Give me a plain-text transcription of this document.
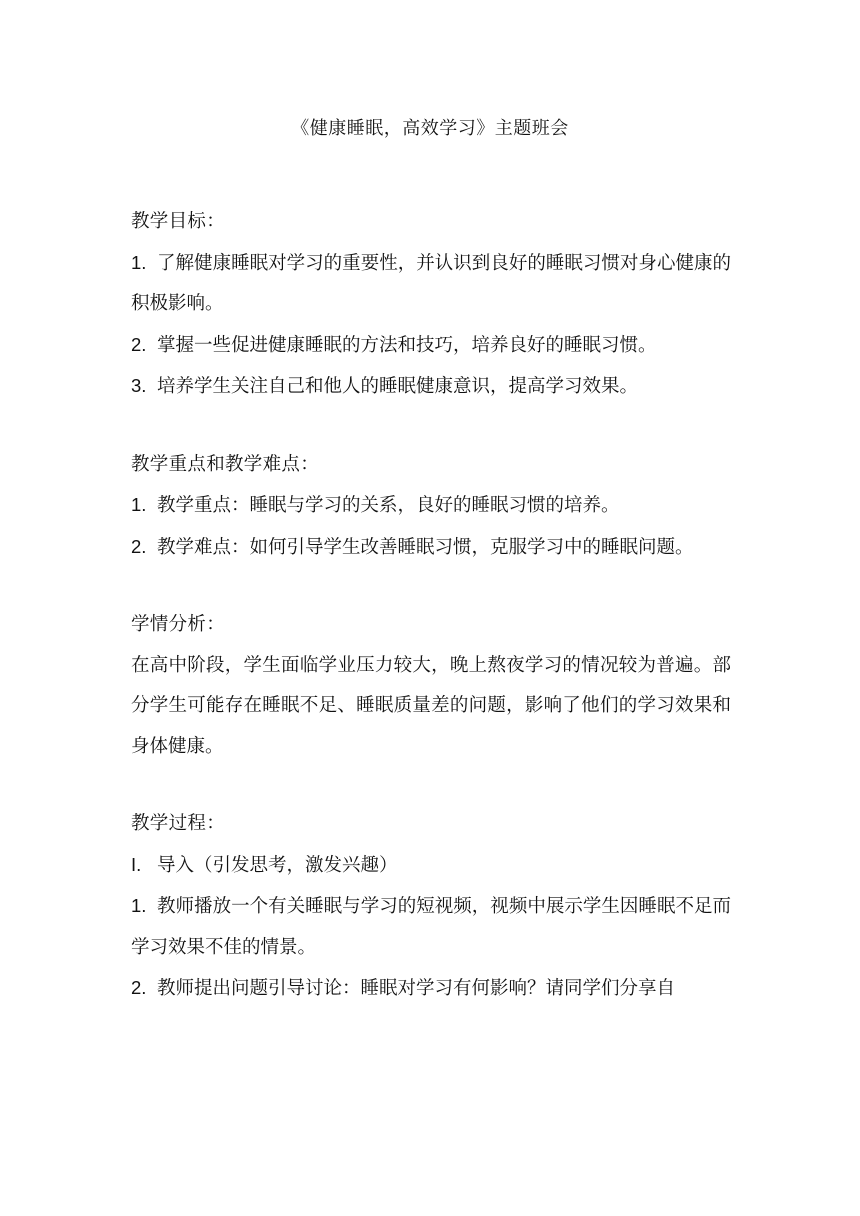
《健康睡眠，高效学习》主题班会

教学目标：

1. 了解健康睡眠对学习的重要性，并认识到良好的睡眠习惯对身心健康的积极影响。

2. 掌握一些促进健康睡眠的方法和技巧，培养良好的睡眠习惯。

3. 培养学生关注自己和他人的睡眠健康意识，提高学习效果。

教学重点和教学难点：

1. 教学重点：睡眠与学习的关系，良好的睡眠习惯的培养。

2. 教学难点：如何引导学生改善睡眠习惯，克服学习中的睡眠问题。

学情分析：

在高中阶段，学生面临学业压力较大，晚上熬夜学习的情况较为普遍。部分学生可能存在睡眠不足、睡眠质量差的问题，影响了他们的学习效果和身体健康。

教学过程：

I. 导入（引发思考，激发兴趣）

1. 教师播放一个有关睡眠与学习的短视频，视频中展示学生因睡眠不足而学习效果不佳的情景。

2. 教师提出问题引导讨论：睡眠对学习有何影响？请同学们分享自
